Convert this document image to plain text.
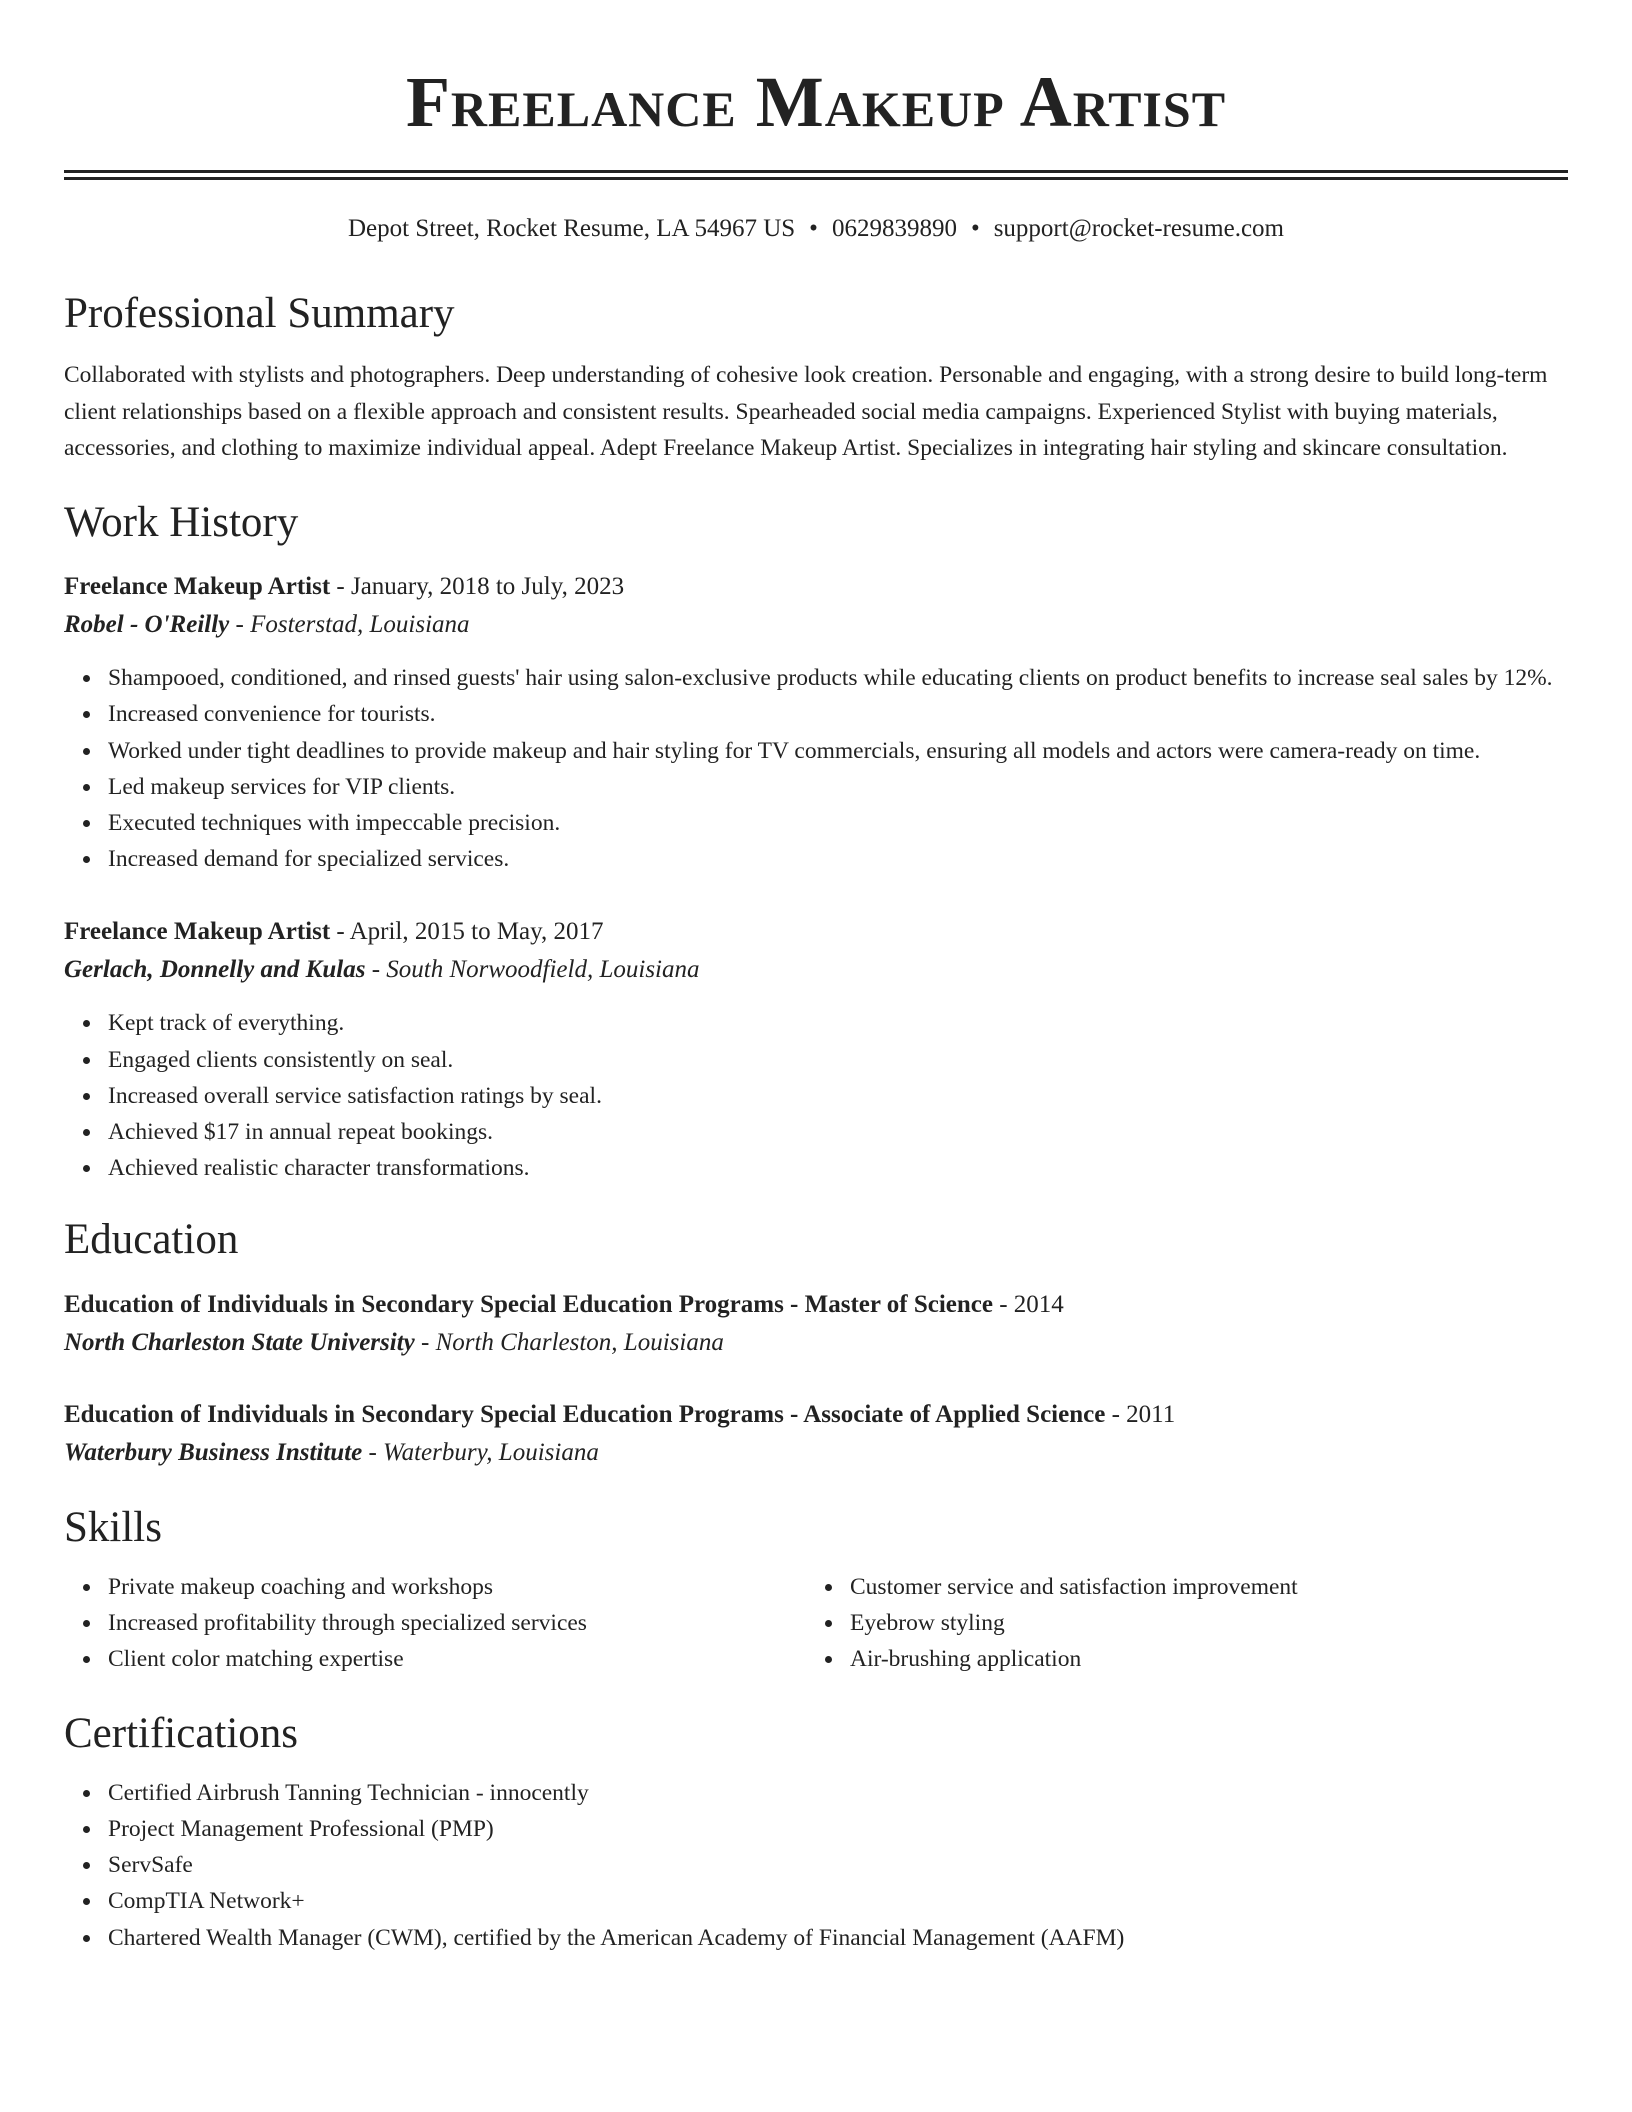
Freelance Makeup Artist
Depot Street, Rocket Resume, LA 54967 US • 0629839890 • support@rocket-resume.com
Professional Summary

Collaborated with stylists and photographers. Deep understanding of cohesive look creation. Personable and engaging, with a strong desire to build long-term client relationships based on a flexible approach and consistent results. Spearheaded social media campaigns. Experienced Stylist with buying materials, accessories, and clothing to maximize individual appeal. Adept Freelance Makeup Artist. Specializes in integrating hair styling and skincare consultation.

Work History
Freelance Makeup Artist - January, 2018 to July, 2023
Robel - O'Reilly - Fosterstad, Louisiana
Shampooed, conditioned, and rinsed guests' hair using salon-exclusive products while educating clients on product benefits to increase seal sales by 12%.
Increased convenience for tourists.
Worked under tight deadlines to provide makeup and hair styling for TV commercials, ensuring all models and actors were camera-ready on time.
Led makeup services for VIP clients.
Executed techniques with impeccable precision.
Increased demand for specialized services.
Freelance Makeup Artist - April, 2015 to May, 2017
Gerlach, Donnelly and Kulas - South Norwoodfield, Louisiana
Kept track of everything.
Engaged clients consistently on seal.
Increased overall service satisfaction ratings by seal.
Achieved $17 in annual repeat bookings.
Achieved realistic character transformations.
Education
Education of Individuals in Secondary Special Education Programs - Master of Science - 2014
North Charleston State University - North Charleston, Louisiana
Education of Individuals in Secondary Special Education Programs - Associate of Applied Science - 2011
Waterbury Business Institute - Waterbury, Louisiana
Skills
Private makeup coaching and workshops
Increased profitability through specialized services
Client color matching expertise
Customer service and satisfaction improvement
Eyebrow styling
Air-brushing application
Certifications
Certified Airbrush Tanning Technician - innocently
Project Management Professional (PMP)
ServSafe
CompTIA Network+
Chartered Wealth Manager (CWM), certified by the American Academy of Financial Management (AAFM)
